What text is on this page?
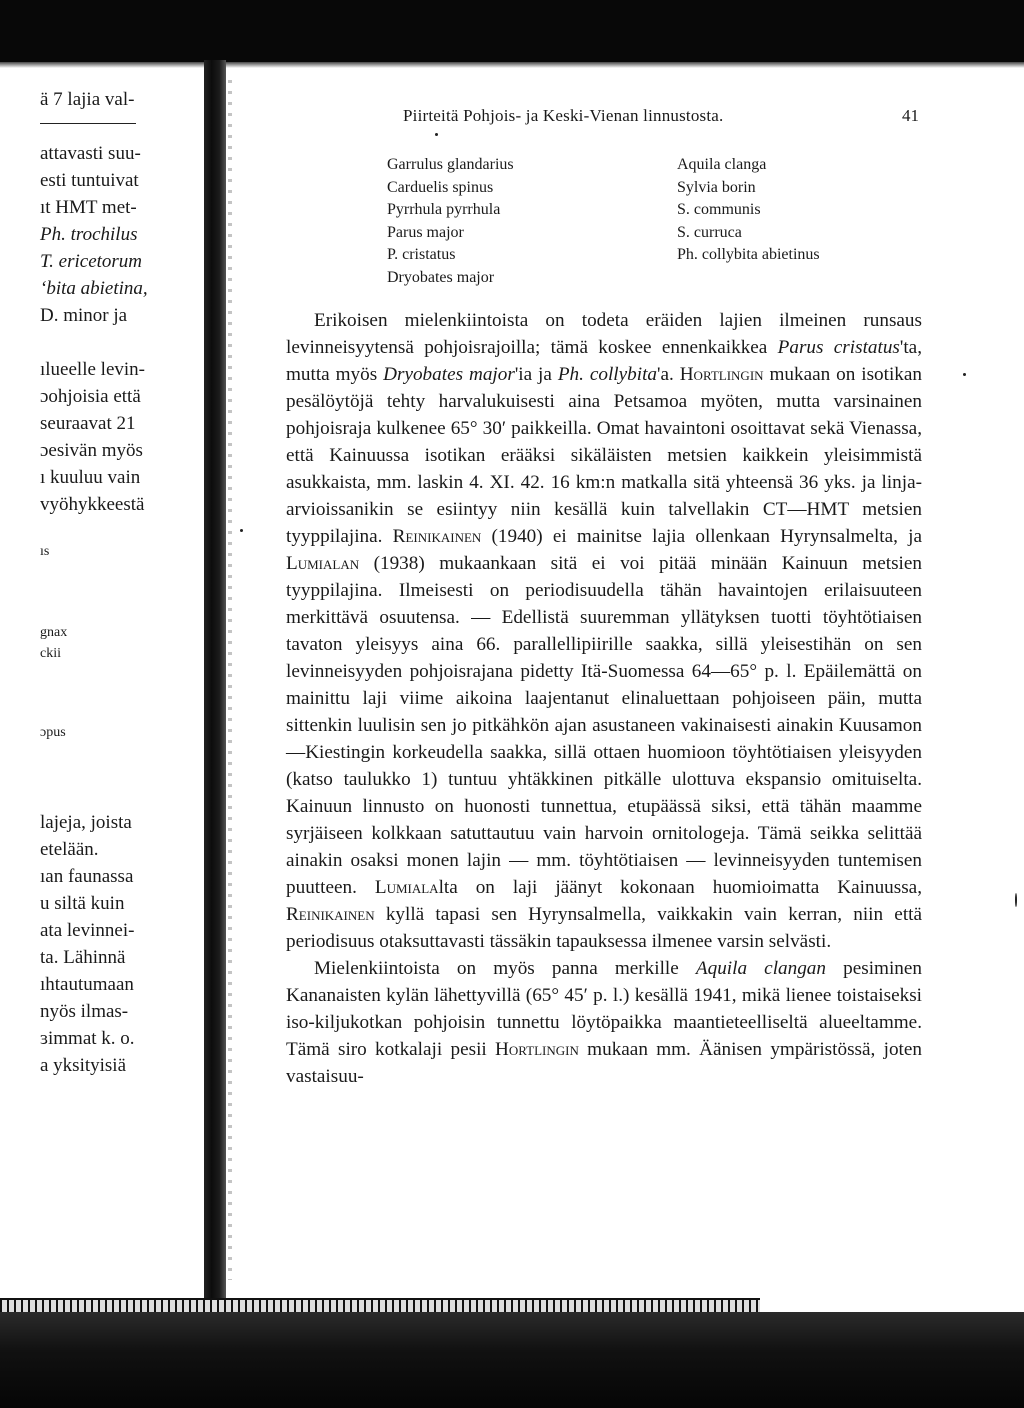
ä 7 lajia val-
attavasti suu-
esti tuntuivat
ıt HMT met-
Ph. trochilus
T. ericetorum
ʻbita abietina,
D. minor ja
ılueelle levin-
ɔohjoisia että
seuraavat 21
ɔesivän myös
ı kuuluu vain
vyöhykkeestä
ıs
gnax
ckii
ɔpus
lajeja, joista
etelään.
ıan faunassa
u siltä kuin
ata levinnei-
ta. Lähinnä
ıhtautumaan
nyös ilmas-
ɜimmat k. o.
a yksityisiä
Piirteitä Pohjois- ja Keski-Vienan linnustosta.	41
Garrulus glandarius
Carduelis spinus
Pyrrhula pyrrhula
Parus major
P. cristatus
Dryobates major
Aquila clanga
Sylvia borin
S. communis
S. curruca
Ph. collybita abietinus

Erikoisen mielenkiintoista on todeta eräiden lajien ilmeinen runsaus levinneisyytensä pohjoisrajoilla; tämä koskee ennenkaikkea Parus cristatus'ta, mutta myös Dryobates major'ia ja Ph. collybita'a. Hortlingin mukaan on isotikan pesälöytöjä tehty harvalukuisesti aina Petsamoa myöten, mutta varsinainen pohjoisraja kulkenee 65° 30′ paikkeilla. Omat havaintoni osoittavat sekä Vienassa, että Kainuussa isotikan erääksi sikäläisten metsien kaikkein yleisimmistä asukkaista, mm. laskin 4. XI. 42. 16 km:n matkalla sitä yhteensä 36 yks. ja linja-arvioissanikin se esiintyy niin kesällä kuin talvellakin CT—HMT metsien tyyppilajina. Reinikainen (1940) ei mainitse lajia ollenkaan Hyrynsalmelta, ja Lumialan (1938) mukaankaan sitä ei voi pitää minään Kainuun metsien tyyppilajina. Ilmeisesti on periodisuudella tähän havaintojen erilaisuuteen merkittävä osuutensa. — Edellistä suuremman yllätyksen tuotti töyhtötiaisen tavaton yleisyys aina 66. parallellipiirille saakka, sillä yleisestihän on sen levinneisyyden pohjoisrajana pidetty Itä-Suomessa 64—65° p. l. Epäilemättä on mainittu laji viime aikoina laajentanut elinaluettaan pohjoiseen päin, mutta sittenkin luulisin sen jo pitkähkön ajan asustaneen vakinaisesti ainakin Kuusamon—Kiestingin korkeudella saakka, sillä ottaen huomioon töyhtötiaisen yleisyyden (katso taulukko 1) tuntuu yhtäkkinen pitkälle ulottuva ekspansio omituiselta. Kainuun linnusto on huonosti tunnettua, etupäässä siksi, että tähän maamme syrjäiseen kolkkaan satuttautuu vain harvoin ornitologeja. Tämä seikka selittää ainakin osaksi monen lajin — mm. töyhtötiaisen — levinneisyyden tuntemisen puutteen. Lumialalta on laji jäänyt kokonaan huomioimatta Kainuussa, Reinikainen kyllä tapasi sen Hyrynsalmella, vaikkakin vain kerran, niin että periodisuus otaksuttavasti tässäkin tapauksessa ilmenee varsin selvästi.

Mielenkiintoista on myös panna merkille Aquila clangan pesiminen Kananaisten kylän lähettyvillä (65° 45′ p. l.) kesällä 1941, mikä lienee toistaiseksi iso-kiljukotkan pohjoisin tunnettu löytöpaikka maantieteelliseltä alueeltamme. Tämä siro kotkalaji pesii Hortlingin mukaan mm. Äänisen ympäristössä, joten vastaisuu-
